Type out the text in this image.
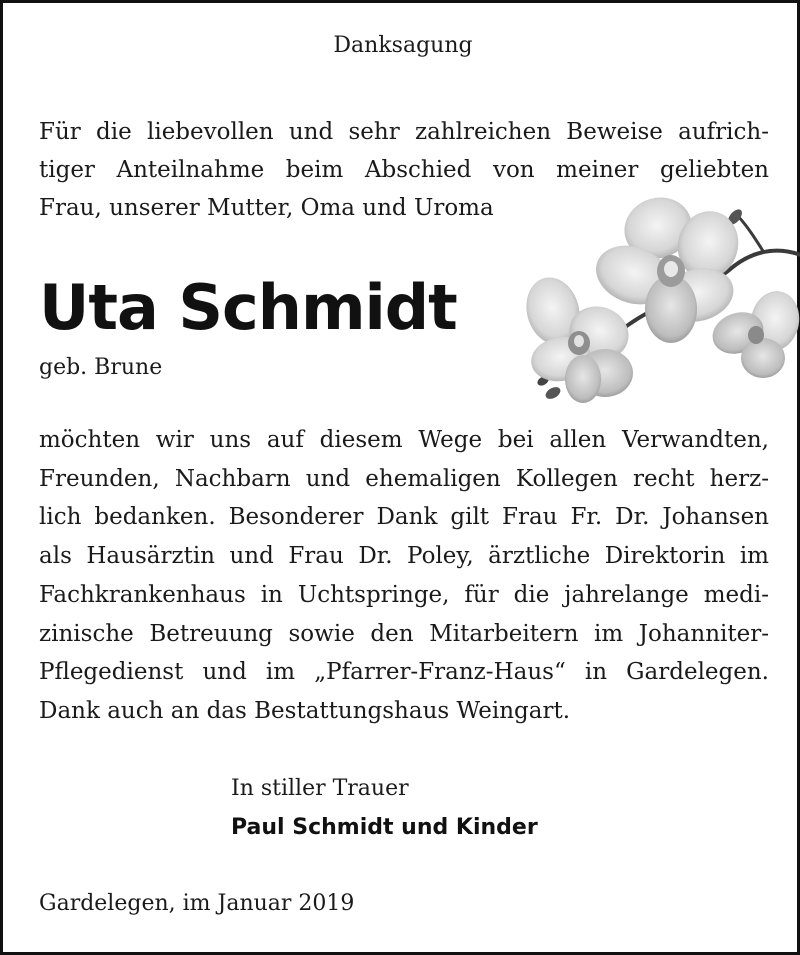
Danksagung
Für die liebevollen und sehr zahlreichen Beweise aufrich-
tiger Anteilnahme beim Abschied von meiner geliebten
Frau, unserer Mutter, Oma und Uroma
Uta Schmidt
geb. Brune
möchten wir uns auf diesem Wege bei allen Verwandten,
Freunden, Nachbarn und ehemaligen Kollegen recht herz-
lich bedanken. Besonderer Dank gilt Frau Fr. Dr. Johansen
als Hausärztin und Frau Dr. Poley, ärztliche Direktorin im
Fachkrankenhaus in Uchtspringe, für die jahrelange medi-
zinische Betreuung sowie den Mitarbeitern im Johanniter-
Pflegedienst und im „Pfarrer-Franz-Haus“ in Gardelegen.
Dank auch an das Bestattungshaus Weingart.
In stiller Trauer
Paul Schmidt und Kinder
Gardelegen, im Januar 2019
